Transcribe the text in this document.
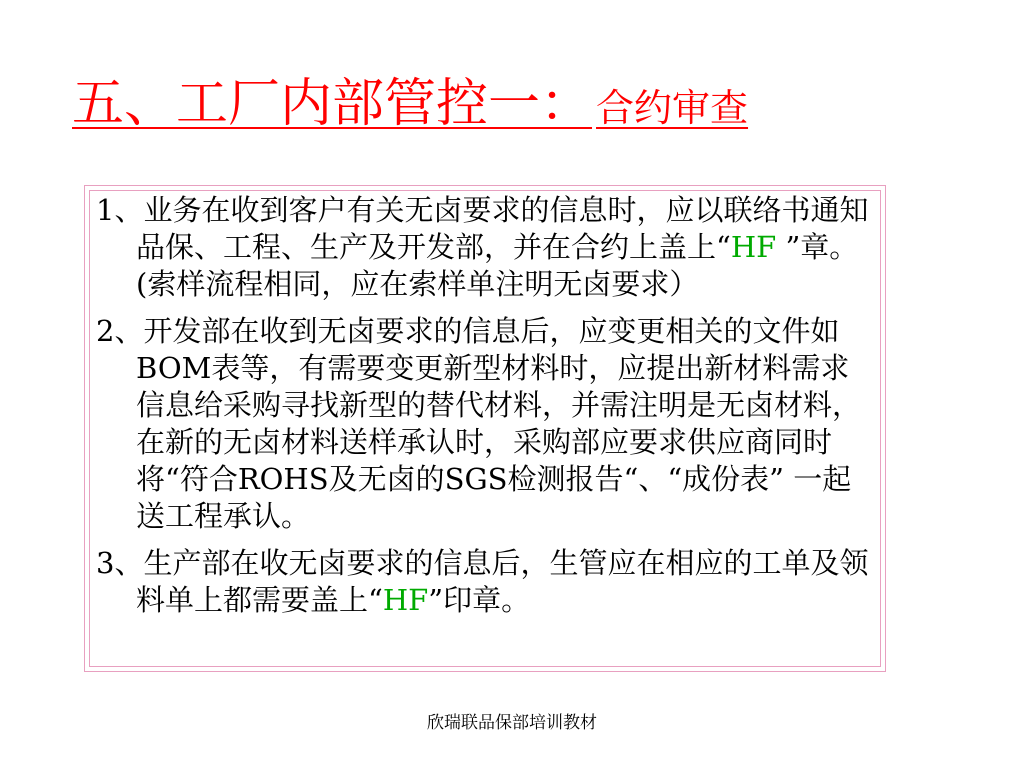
五、工厂内部管控一： 合约审查

1、业务在收到客户有关无卤要求的信息时，应以联络书通知品保、工程、生产及开发部，并在合约上盖上“HF ”章。(索样流程相同，应在索样单注明无卤要求）

2、开发部在收到无卤要求的信息后，应变更相关的文件如BOM表等，有需要变更新型材料时，应提出新材料需求信息给采购寻找新型的替代材料，并需注明是无卤材料，在新的无卤材料送样承认时，采购部应要求供应商同时将“符合ROHS及无卤的SGS检测报告“、“成份表” 一起送工程承认。

3、生产部在收无卤要求的信息后，生管应在相应的工单及领料单上都需要盖上“HF”印章。

欣瑞联品保部培训教材
